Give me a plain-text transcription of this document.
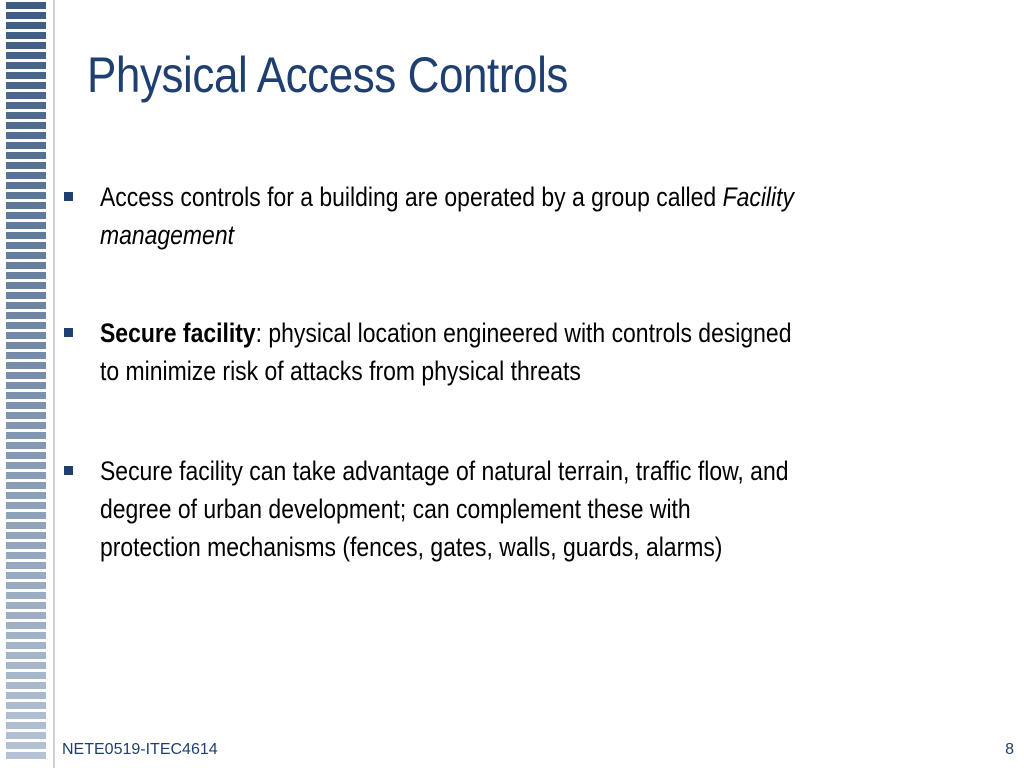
Physical Access Controls
Access controls for a building are operated by a group called Facility
management
Secure facility: physical location engineered with controls designed
to minimize risk of attacks from physical threats
Secure facility can take advantage of natural terrain, traffic flow, and
degree of urban development; can complement these with
protection mechanisms (fences, gates, walls, guards, alarms)
NETE0519-ITEC4614	8
